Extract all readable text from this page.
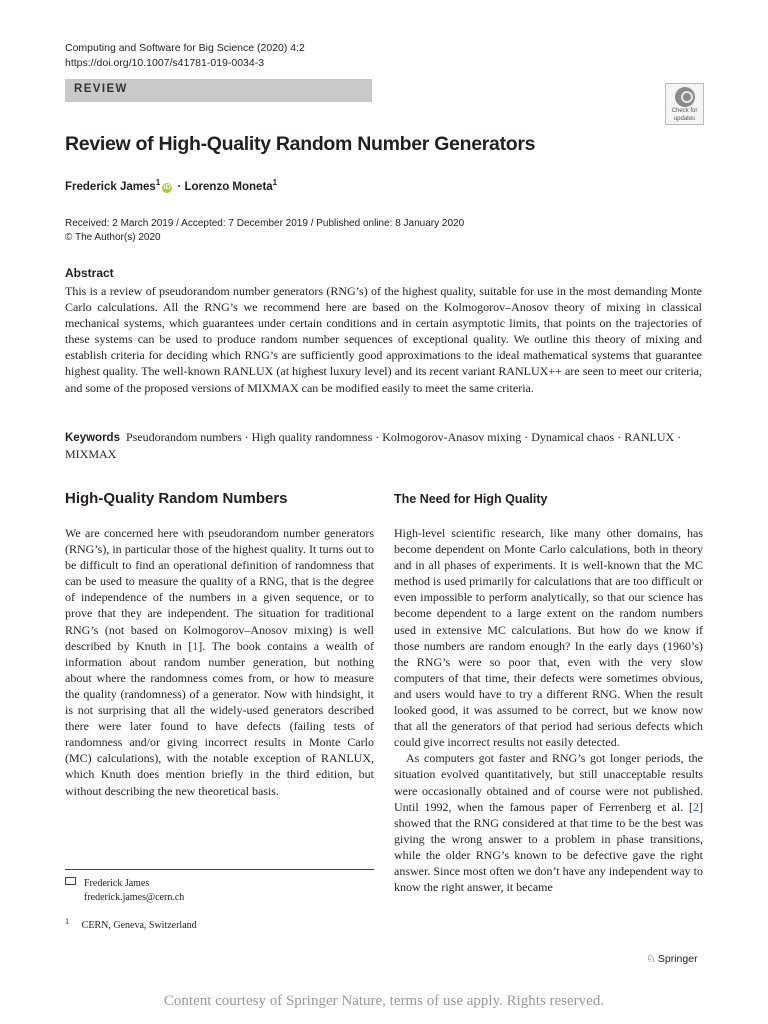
Computing and Software for Big Science (2020) 4:2
https://doi.org/10.1007/s41781-019-0034-3
REVIEW
Check for
updates
Review of High-Quality Random Number Generators
Frederick James$^1$iD · Lorenzo Moneta$^1$
Received: 2 March 2019 / Accepted: 7 December 2019 / Published online: 8 January 2020
© The Author(s) 2020
Abstract
This is a review of pseudorandom number generators (RNG’s) of the highest quality, suitable for use in the most demanding Monte Carlo calculations. All the RNG’s we recommend here are based on the Kolmogorov–Anosov theory of mixing in classical mechanical systems, which guarantees under certain conditions and in certain asymptotic limits, that points on the trajectories of these systems can be used to produce random number sequences of exceptional quality. We outline this theory of mixing and establish criteria for deciding which RNG’s are sufficiently good approximations to the ideal mathematical systems that guarantee highest quality. The well-known RANLUX (at highest luxury level) and its recent variant RANLUX++ are seen to meet our criteria, and some of the proposed versions of MIXMAX can be modified easily to meet the same criteria.
Keywords Pseudorandom numbers · High quality randomness · Kolmogorov-Anasov mixing · Dynamical chaos · RANLUX · MIXMAX
High-Quality Random Numbers	The Need for High Quality

We are concerned here with pseudorandom number generators (RNG’s), in particular those of the highest quality. It turns out to be difficult to find an operational definition of randomness that can be used to measure the quality of a RNG, that is the degree of independence of the numbers in a given sequence, or to prove that they are independent. The situation for traditional RNG’s (not based on Kolmogorov–Anosov mixing) is well described by Knuth in [1]. The book contains a wealth of information about random number generation, but nothing about where the randomness comes from, or how to measure the quality (randomness) of a generator. Now with hindsight, it is not surprising that all the widely-used generators described there were later found to have defects (failing tests of randomness and/or giving incorrect results in Monte Carlo (MC) calculations), with the notable exception of RANLUX, which Knuth does mention briefly in the third edition, but without describing the new theoretical basis.

High-level scientific research, like many other domains, has become dependent on Monte Carlo calculations, both in theory and in all phases of experiments. It is well-known that the MC method is used primarily for calculations that are too difficult or even impossible to perform analytically, so that our science has become dependent to a large extent on the random numbers used in extensive MC calculations. But how do we know if those numbers are random enough? In the early days (1960’s) the RNG’s were so poor that, even with the very slow computers of that time, their defects were sometimes obvious, and users would have to try a different RNG. When the result looked good, it was assumed to be correct, but we know now that all the generators of that period had serious defects which could give incorrect results not easily detected.

As computers got faster and RNG’s got longer periods, the situation evolved quantitatively, but still unacceptable results were occasionally obtained and of course were not published. Until 1992, when the famous paper of Ferrenberg et al. [2] showed that the RNG considered at that time to be the best was giving the wrong answer to a problem in phase transitions, while the older RNG’s known to be defective gave the right answer. Since most often we don’t have any independent way to know the right answer, it became

Frederick James
frederick.james@cern.ch
$^1$ CERN, Geneva, Switzerland
♘ Springer
Content courtesy of Springer Nature, terms of use apply. Rights reserved.
